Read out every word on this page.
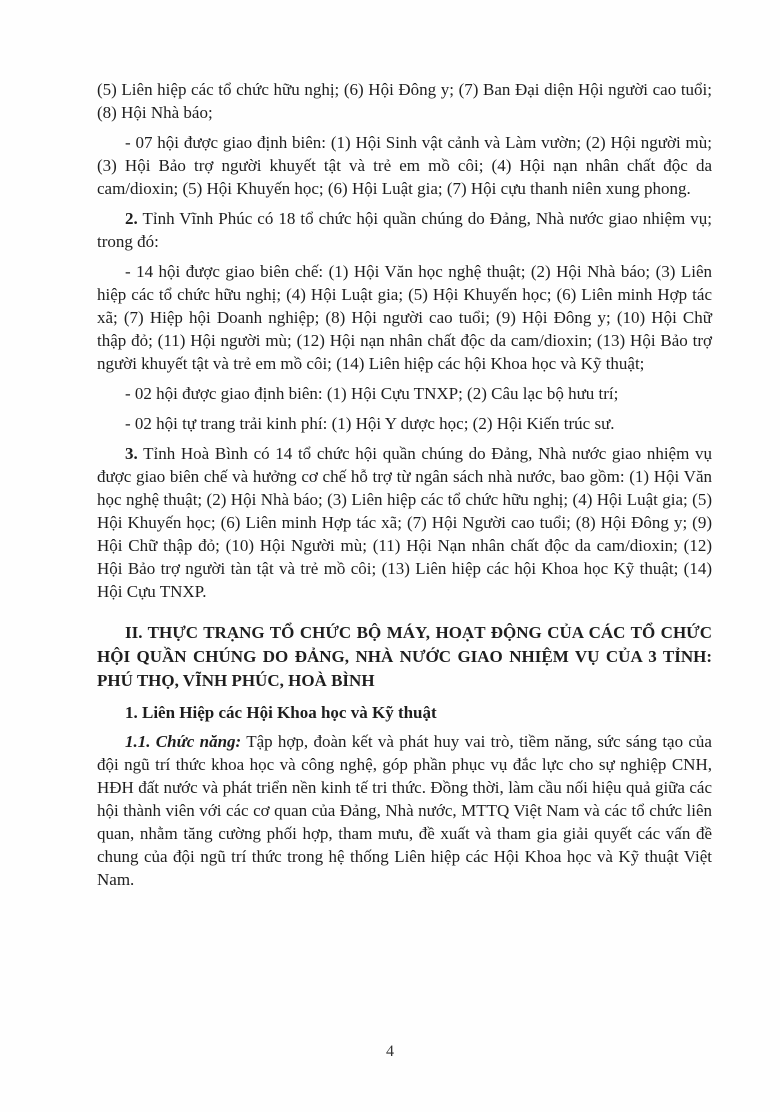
(5) Liên hiệp các tổ chức hữu nghị; (6) Hội Đông y; (7) Ban Đại diện Hội người cao tuổi; (8) Hội Nhà báo;

- 07 hội được giao định biên: (1) Hội Sinh vật cảnh và Làm vườn; (2) Hội người mù; (3) Hội Bảo trợ người khuyết tật và trẻ em mồ côi; (4) Hội nạn nhân chất độc da cam/dioxin; (5) Hội Khuyến học; (6) Hội Luật gia; (7) Hội cựu thanh niên xung phong.

2. Tỉnh Vĩnh Phúc có 18 tổ chức hội quần chúng do Đảng, Nhà nước giao nhiệm vụ; trong đó:

- 14 hội được giao biên chế: (1) Hội Văn học nghệ thuật; (2) Hội Nhà báo; (3) Liên hiệp các tổ chức hữu nghị; (4) Hội Luật gia; (5) Hội Khuyến học; (6) Liên minh Hợp tác xã; (7) Hiệp hội Doanh nghiệp; (8) Hội người cao tuổi; (9) Hội Đông y; (10) Hội Chữ thập đỏ; (11) Hội người mù; (12) Hội nạn nhân chất độc da cam/dioxin; (13) Hội Bảo trợ người khuyết tật và trẻ em mồ côi; (14) Liên hiệp các hội Khoa học và Kỹ thuật;

- 02 hội được giao định biên: (1) Hội Cựu TNXP; (2) Câu lạc bộ hưu trí;

- 02 hội tự trang trải kinh phí: (1) Hội Y dược học; (2) Hội Kiến trúc sư.

3. Tỉnh Hoà Bình có 14 tổ chức hội quần chúng do Đảng, Nhà nước giao nhiệm vụ được giao biên chế và hưởng cơ chế hỗ trợ từ ngân sách nhà nước, bao gồm: (1) Hội Văn học nghệ thuật; (2) Hội Nhà báo; (3) Liên hiệp các tổ chức hữu nghị; (4) Hội Luật gia; (5) Hội Khuyến học; (6) Liên minh Hợp tác xã; (7) Hội Người cao tuổi; (8) Hội Đông y; (9) Hội Chữ thập đỏ; (10) Hội Người mù; (11) Hội Nạn nhân chất độc da cam/dioxin; (12) Hội Bảo trợ người tàn tật và trẻ mồ côi; (13) Liên hiệp các hội Khoa học Kỹ thuật; (14) Hội Cựu TNXP.

II. THỰC TRẠNG TỔ CHỨC BỘ MÁY, HOẠT ĐỘNG CỦA CÁC TỔ CHỨC HỘI QUẦN CHÚNG DO ĐẢNG, NHÀ NƯỚC GIAO NHIỆM VỤ CỦA 3 TỈNH: PHÚ THỌ, VĨNH PHÚC, HOÀ BÌNH

1. Liên Hiệp các Hội Khoa học và Kỹ thuật

1.1. Chức năng: Tập hợp, đoàn kết và phát huy vai trò, tiềm năng, sức sáng tạo của đội ngũ trí thức khoa học và công nghệ, góp phần phục vụ đắc lực cho sự nghiệp CNH, HĐH đất nước và phát triển nền kinh tế tri thức. Đồng thời, làm cầu nối hiệu quả giữa các hội thành viên với các cơ quan của Đảng, Nhà nước, MTTQ Việt Nam và các tổ chức liên quan, nhằm tăng cường phối hợp, tham mưu, đề xuất và tham gia giải quyết các vấn đề chung của đội ngũ trí thức trong hệ thống Liên hiệp các Hội Khoa học và Kỹ thuật Việt Nam.

4
